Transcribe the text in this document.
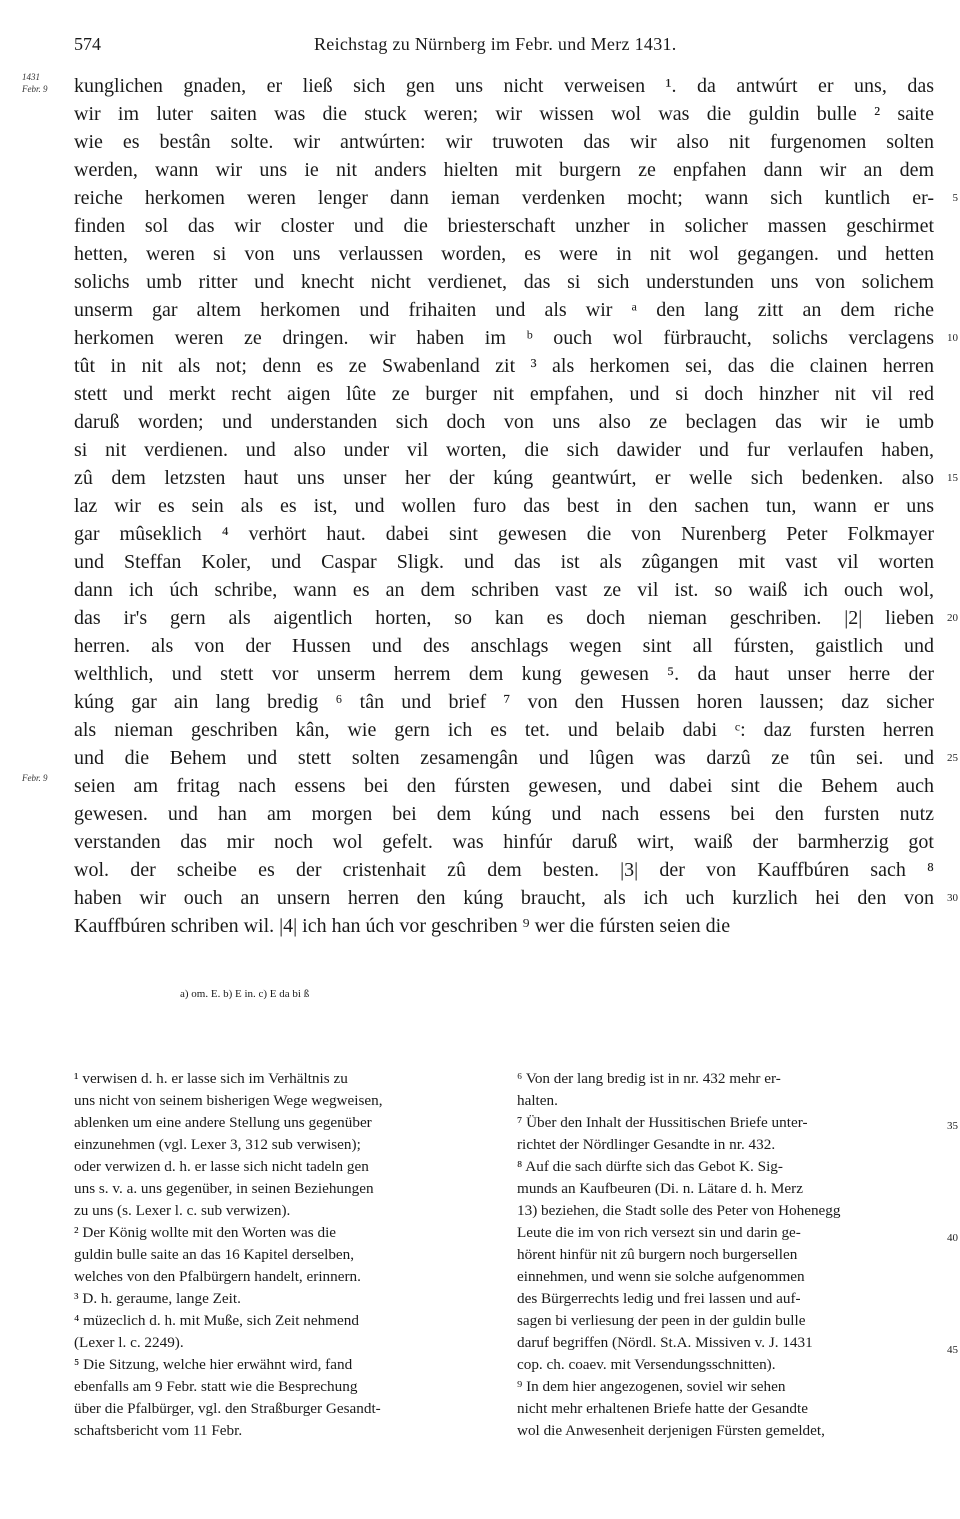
574	Reichstag zu Nürnberg im Febr. und Merz 1431.
1431
Febr. 9
Febr. 9
kunglichen gnaden, er ließ sich gen uns nicht verweisen ¹. da antwúrt er uns, das
wir im luter saiten was die stuck weren; wir wissen wol was die guldin bulle ² saite
wie es bestân solte. wir antwúrten: wir truwoten das wir also nit furgenomen solten
werden, wann wir uns ie nit anders hielten mit burgern ze enpfahen dann wir an dem
reiche herkomen weren lenger dann ieman verdenken mocht; wann sich kuntlich er-
finden sol das wir closter und die briesterschaft unzher in solicher massen geschirmet
hetten, weren si von uns verlaussen worden, es were in nit wol gegangen. und hetten
solichs umb ritter und knecht nicht verdienet, das si sich understunden uns von solichem
unserm gar altem herkomen und frihaiten und als wir ᵃ den lang zitt an dem riche
herkomen weren ze dringen. wir haben im ᵇ ouch wol fürbraucht, solichs verclagens
tût in nit als not; denn es ze Swabenland zit ³ als herkomen sei, das die clainen herren
stett und merkt recht aigen lûte ze burger nit empfahen, und si doch hinzher nit vil red
daruß worden; und understanden sich doch von uns also ze beclagen das wir ie umb
si nit verdienen. und also under vil worten, die sich dawider und fur verlaufen haben,
zû dem letzsten haut uns unser her der kúng geantwúrt, er welle sich bedenken. also
laz wir es sein als es ist, und wollen furo das best in den sachen tun, wann er uns
gar mûseklich ⁴ verhört haut. dabei sint gewesen die von Nurenberg Peter Folkmayer
und Steffan Koler, und Caspar Sligk. und das ist als zûgangen mit vast vil worten
dann ich úch schribe, wann es an dem schriben vast ze vil ist. so waiß ich ouch wol,
das ir's gern als aigentlich horten, so kan es doch nieman geschriben. |2| lieben
herren. als von der Hussen und des anschlags wegen sint all fúrsten, gaistlich und
welthlich, und stett vor unserm herrem dem kung gewesen ⁵. da haut unser herre der
kúng gar ain lang bredig ⁶ tân und brief ⁷ von den Hussen horen laussen; daz sicher
als nieman geschriben kân, wie gern ich es tet. und belaib dabi ᶜ: daz fursten herren
und die Behem und stett solten zesamengân und lûgen was darzû ze tûn sei. und
seien am fritag nach essens bei den fúrsten gewesen, und dabei sint die Behem auch
gewesen. und han am morgen bei dem kúng und nach essens bei den fursten nutz
verstanden das mir noch wol gefelt. was hinfúr daruß wirt, waiß der barmherzig got
wol. der scheibe es der cristenhait zû dem besten. |3| der von Kauffbúren sach ⁸
haben wir ouch an unsern herren den kúng braucht, als ich uch kurzlich hei den von
Kauffbúren schriben wil. |4| ich han úch vor geschriben ⁹ wer die fúrsten seien die
5
10
15
20
25
30
a) om. E. b) E in. c) E da bi ß
¹ verwisen d. h. er lasse sich im Verhältnis zu
uns nicht von seinem bisherigen Wege wegweisen,
ablenken um eine andere Stellung uns gegenüber
einzunehmen (vgl. Lexer 3, 312 sub verwisen);
oder verwizen d. h. er lasse sich nicht tadeln gen
uns s. v. a. uns gegenüber, in seinen Beziehungen
zu uns (s. Lexer l. c. sub verwizen).
² Der König wollte mit den Worten was die
guldin bulle saite an das 16 Kapitel derselben,
welches von den Pfalbürgern handelt, erinnern.
³ D. h. geraume, lange Zeit.
⁴ müzeclich d. h. mit Muße, sich Zeit nehmend
(Lexer l. c. 2249).
⁵ Die Sitzung, welche hier erwähnt wird, fand
ebenfalls am 9 Febr. statt wie die Besprechung
über die Pfalbürger, vgl. den Straßburger Gesandt-
schaftsbericht vom 11 Febr.
⁶ Von der lang bredig ist in nr. 432 mehr er-
halten.
⁷ Über den Inhalt der Hussitischen Briefe unter-
richtet der Nördlinger Gesandte in nr. 432.
⁸ Auf die sach dürfte sich das Gebot K. Sig-
munds an Kaufbeuren (Di. n. Lätare d. h. Merz
13) beziehen, die Stadt solle des Peter von Hohenegg
Leute die im von rich versezt sin und darin ge-
hörent hinfür nit zû burgern noch burgersellen
einnehmen, und wenn sie solche aufgenommen
des Bürgerrechts ledig und frei lassen und auf-
sagen bi verliesung der peen in der guldin bulle
daruf begriffen (Nördl. St.A. Missiven v. J. 1431
cop. ch. coaev. mit Versendungsschnitten).
⁹ In dem hier angezogenen, soviel wir sehen
nicht mehr erhaltenen Briefe hatte der Gesandte
wol die Anwesenheit derjenigen Fürsten gemeldet,
35
40
45
